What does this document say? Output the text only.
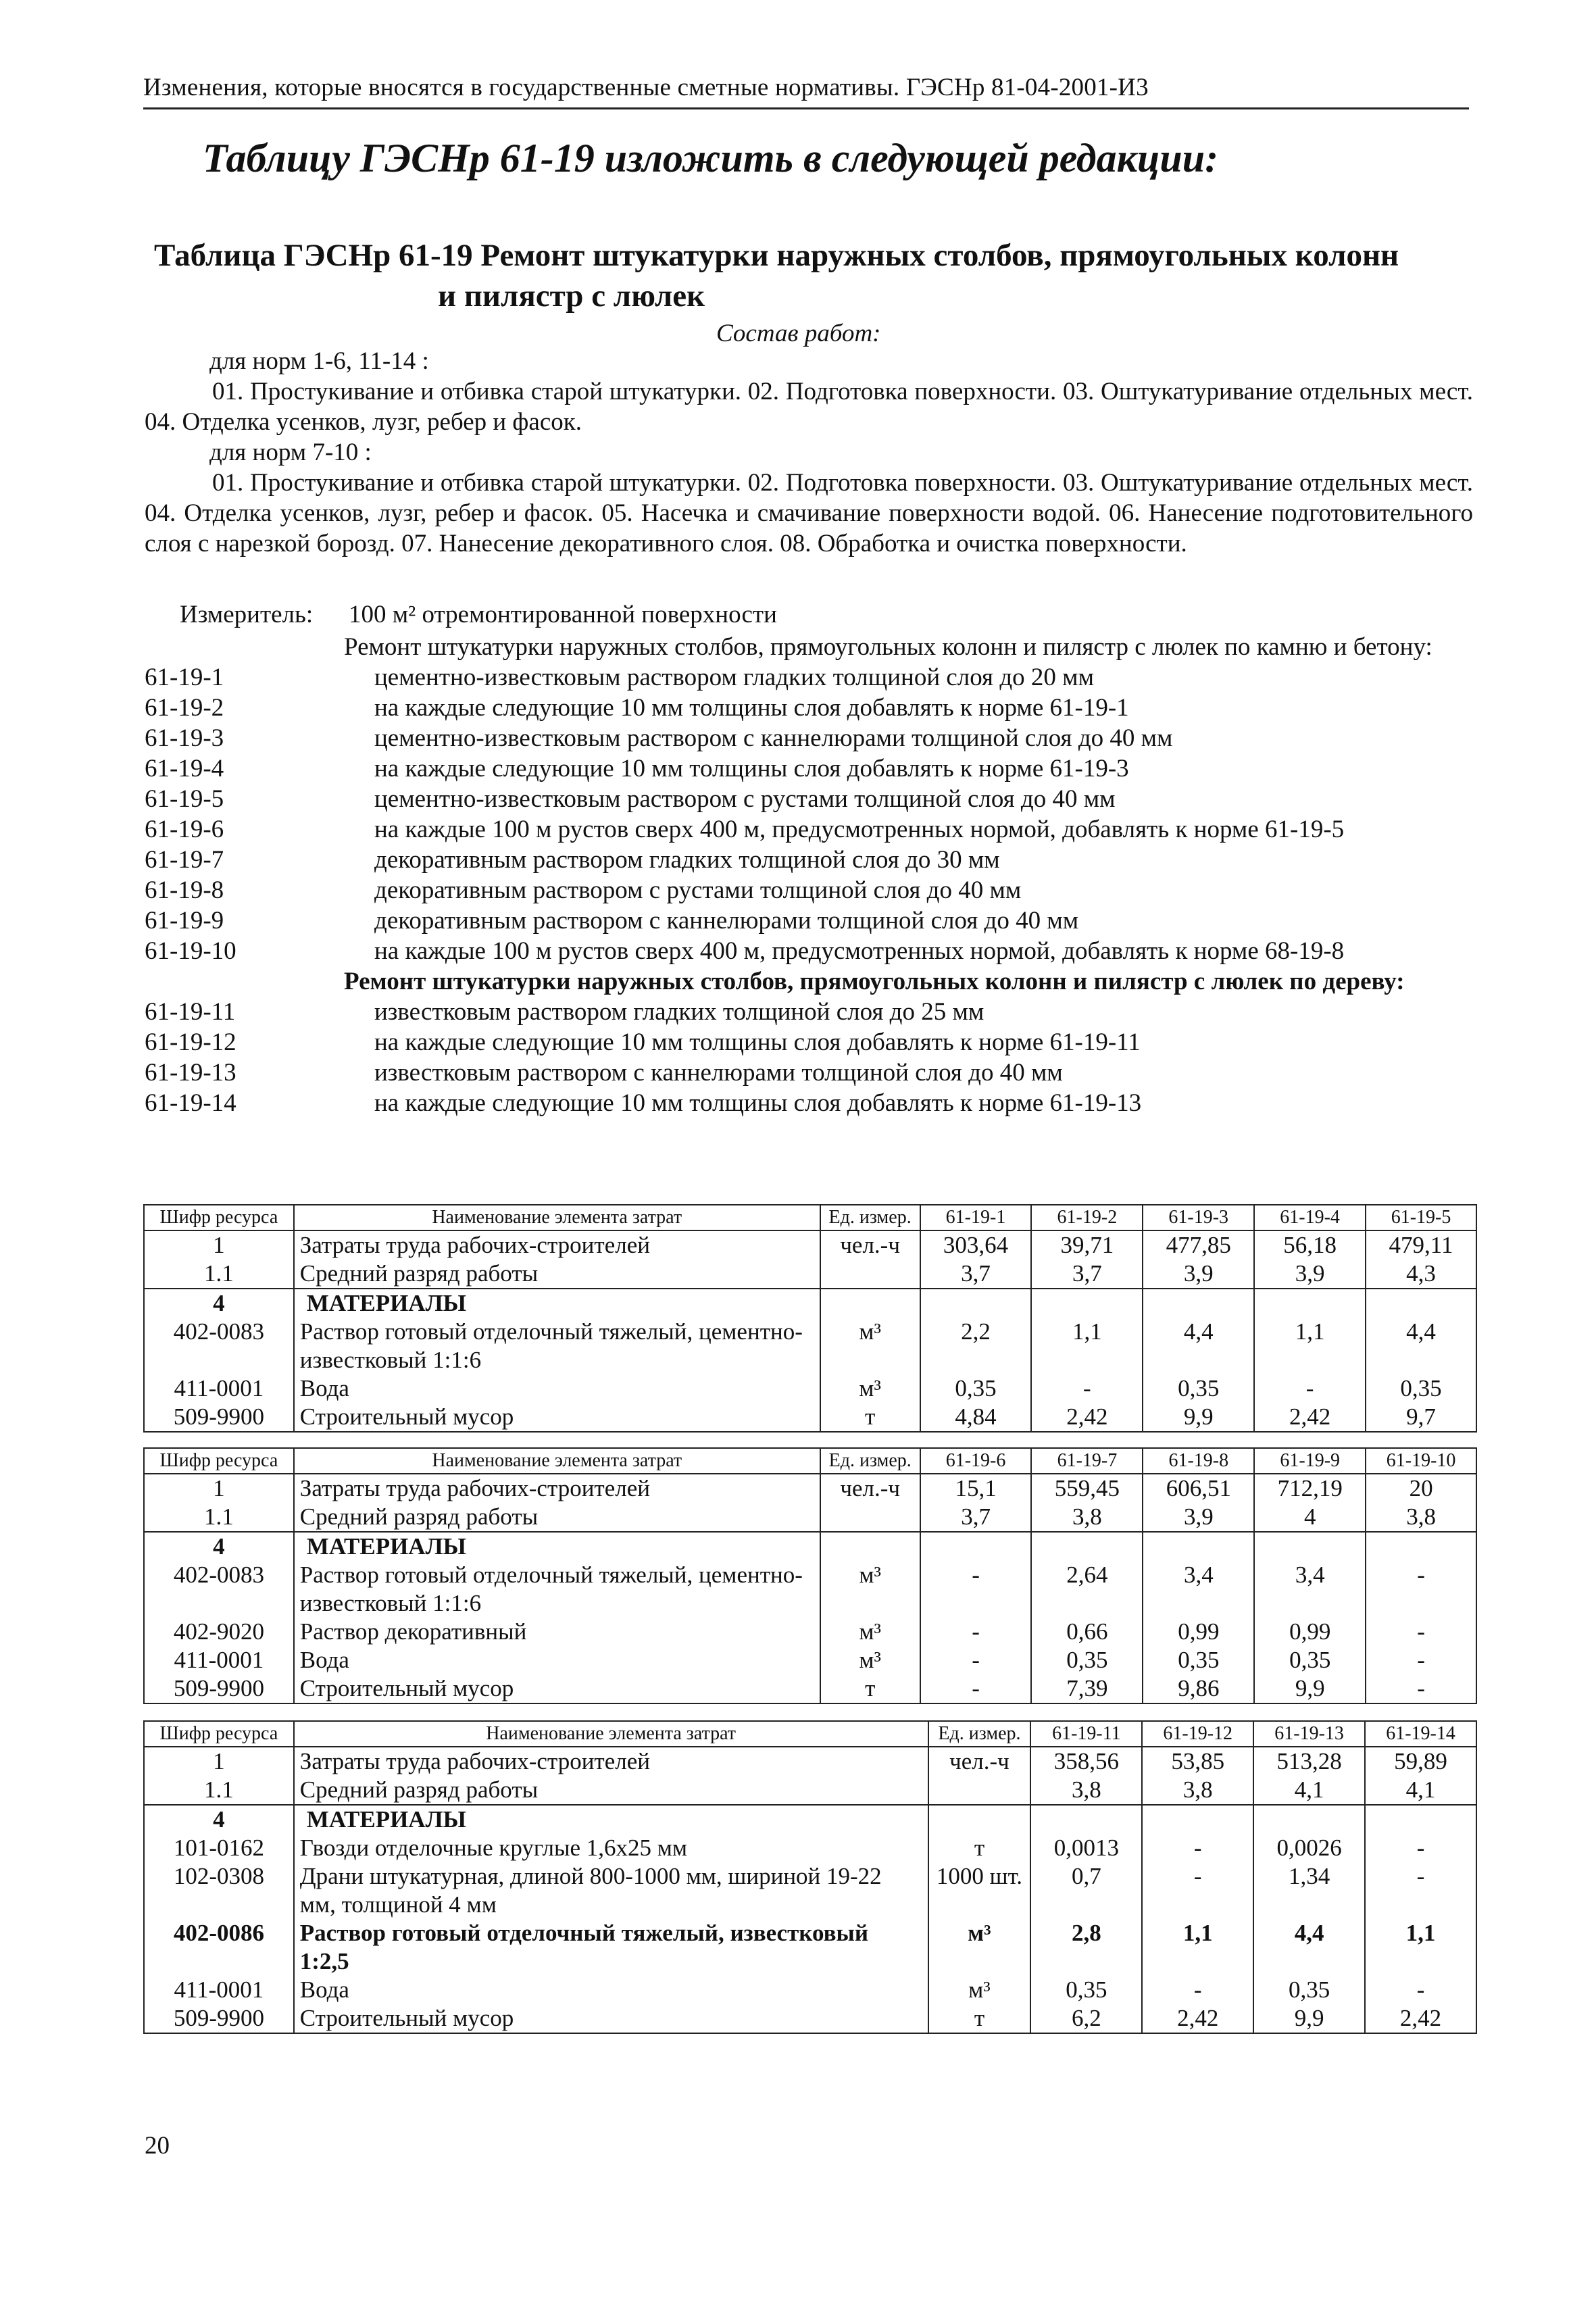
Изменения, которые вносятся в государственные сметные нормативы. ГЭСНр 81-04-2001-И3
Таблицу ГЭСНр 61-19 изложить в следующей редакции:
Таблица ГЭСНр 61-19 Ремонт штукатурки наружных столбов, прямоугольных колонн
и пилястр с люлек
Состав работ:
для норм 1-6, 11-14 :
01. Простукивание и отбивка старой штукатурки. 02. Подготовка поверхности. 03. Оштукатуривание отдельных мест. 04. Отделка усенков, лузг, ребер и фасок.
для норм 7-10 :
01. Простукивание и отбивка старой штукатурки. 02. Подготовка поверхности. 03. Оштукатуривание отдельных мест. 04. Отделка усенков, лузг, ребер и фасок. 05. Насечка и смачивание поверхности водой. 06. Нанесение подготовительного слоя с нарезкой борозд. 07. Нанесение декоративного слоя. 08. Обработка и очистка поверхности.
Измеритель: 100 м² отремонтированной поверхности
Ремонт штукатурки наружных столбов, прямоугольных колонн и пилястр с люлек по камню и бетону:
61-19-1	цементно-известковым раствором гладких толщиной слоя до 20 мм
61-19-2	на каждые следующие 10 мм толщины слоя добавлять к норме 61-19-1
61-19-3	цементно-известковым раствором с каннелюрами толщиной слоя до 40 мм
61-19-4	на каждые следующие 10 мм толщины слоя добавлять к норме 61-19-3
61-19-5	цементно-известковым раствором с рустами толщиной слоя до 40 мм
61-19-6	на каждые 100 м рустов сверх 400 м, предусмотренных нормой, добавлять к норме 61-19-5
61-19-7	декоративным раствором гладких толщиной слоя до 30 мм
61-19-8	декоративным раствором с рустами толщиной слоя до 40 мм
61-19-9	декоративным раствором с каннелюрами толщиной слоя до 40 мм
61-19-10	на каждые 100 м рустов сверх 400 м, предусмотренных нормой, добавлять к норме 68-19-8
Ремонт штукатурки наружных столбов, прямоугольных колонн и пилястр с люлек по дереву:
61-19-11	известковым раствором гладких толщиной слоя до 25 мм
61-19-12	на каждые следующие 10 мм толщины слоя добавлять к норме 61-19-11
61-19-13	известковым раствором с каннелюрами толщиной слоя до 40 мм
61-19-14	на каждые следующие 10 мм толщины слоя добавлять к норме 61-19-13
Шифр ресурса	Наименование элемента затрат	Ед. измер.	61-19-1	61-19-2	61-19-3	61-19-4	61-19-5
1	Затраты труда рабочих-строителей	чел.-ч	303,64	39,71	477,85	56,18	479,11
1.1	Средний разряд работы		3,7	3,7	3,9	3,9	4,3
4	МАТЕРИАЛЫ						
402-0083	Раствор готовый отделочный тяжелый, цементно-известковый 1:1:6	м³	2,2	1,1	4,4	1,1	4,4
411-0001	Вода	м³	0,35	-	0,35	-	0,35
509-9900	Строительный мусор	т	4,84	2,42	9,9	2,42	9,7
Шифр ресурса	Наименование элемента затрат	Ед. измер.	61-19-6	61-19-7	61-19-8	61-19-9	61-19-10
1	Затраты труда рабочих-строителей	чел.-ч	15,1	559,45	606,51	712,19	20
1.1	Средний разряд работы		3,7	3,8	3,9	4	3,8
4	МАТЕРИАЛЫ						
402-0083	Раствор готовый отделочный тяжелый, цементно-известковый 1:1:6	м³	-	2,64	3,4	3,4	-
402-9020	Раствор декоративный	м³	-	0,66	0,99	0,99	-
411-0001	Вода	м³	-	0,35	0,35	0,35	-
509-9900	Строительный мусор	т	-	7,39	9,86	9,9	-
Шифр ресурса	Наименование элемента затрат	Ед. измер.	61-19-11	61-19-12	61-19-13	61-19-14
1	Затраты труда рабочих-строителей	чел.-ч	358,56	53,85	513,28	59,89
1.1	Средний разряд работы		3,8	3,8	4,1	4,1
4	МАТЕРИАЛЫ					
101-0162	Гвозди отделочные круглые 1,6х25 мм	т	0,0013	-	0,0026	-
102-0308	Драни штукатурная, длиной 800-1000 мм, шириной 19-22 мм, толщиной 4 мм	1000 шт.	0,7	-	1,34	-
402-0086	Раствор готовый отделочный тяжелый, известковый 1:2,5	м³	2,8	1,1	4,4	1,1
411-0001	Вода	м³	0,35	-	0,35	-
509-9900	Строительный мусор	т	6,2	2,42	9,9	2,42
20
